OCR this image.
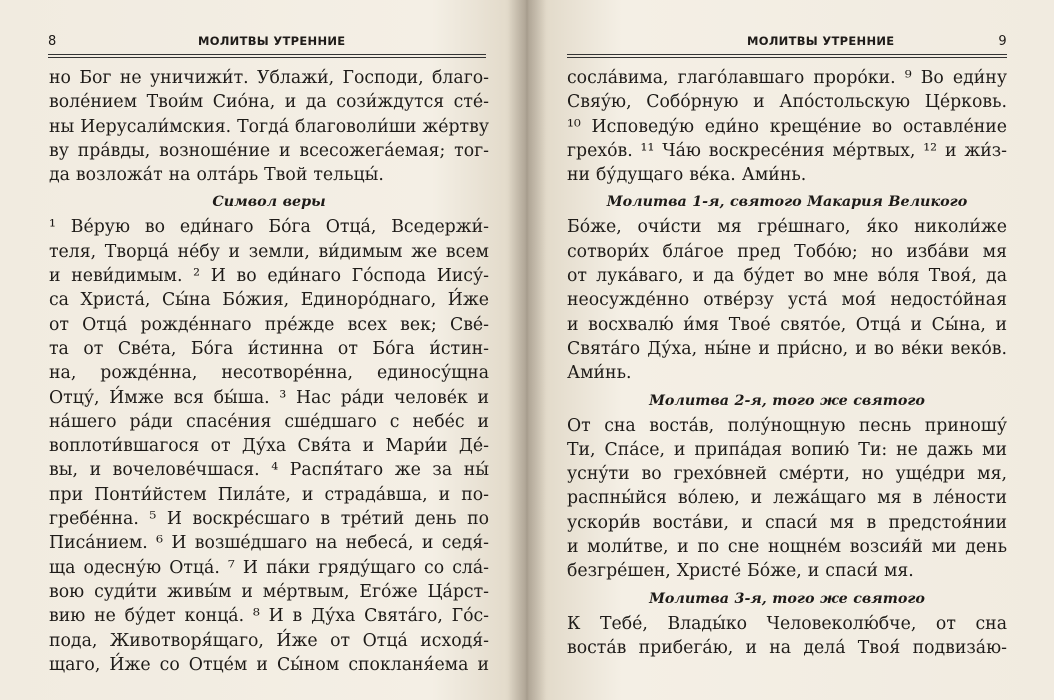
8	МОЛИТВЫ УТРЕННИЕ
но Бог не уничижи́т. Ублажи́, Господи, благо-
воле́нием Твои́м Сио́на, и да сози́ждутся сте́-
ны Иерусали́мския. Тогда́ благоволи́ши же́ртву
ву пра́вды, возноше́ние и всесожега́емая; тог-
да возложа́т на олта́рь Твой тельцы́.
Символ веры
¹ Ве́рую во еди́наго Бо́га Отца́, Вседержи́-
теля, Творца́ не́бу и земли, ви́димым же всем
и неви́димым. ² И во еди́наго Го́спода Иису́-
са Христа́, Сы́на Бо́жия, Единоро́днаго, И́же
от Отца́ рожде́ннаго пре́жде всех век; Све́-
та от Све́та, Бо́га и́стинна от Бо́га и́стин-
на, рожде́нна, несотворе́нна, единосу́щна
Отцу́, И́мже вся бы́ша. ³ Нас ра́ди челове́к и
на́шего ра́ди спасе́ния сше́дшаго с небе́с и
воплоти́вшагося от Ду́ха Свя́та и Мари́и Де́-
вы, и вочелове́чшася. ⁴ Распя́таго же за ны́
при Понти́йстем Пила́те, и страда́вша, и по-
гребе́нна. ⁵ И воскре́сшаго в тре́тий день по
Писа́нием. ⁶ И возше́дшаго на небеса́, и седя́-
ща одесну́ю Отца́. ⁷ И па́ки гряду́щаго со сла́-
вою суди́ти живы́м и ме́ртвым, Его́же Ца́рст-
вию не бу́дет конца́. ⁸ И в Ду́ха Свята́го, Го́с-
пода, Животворя́щаго, И́же от Отца́ исходя́-
щаго, И́же со Отце́м и Сы́ном спокланя́ема и
МОЛИТВЫ УТРЕННИЕ	9
сосла́вима, глаго́лавшаго проро́ки. ⁹ Во еди́ну
Свяу́ю, Собо́рную и Апо́стольскую Це́рковь.
¹⁰ Исповеду́ю еди́но креще́ние во оставле́ние
грехо́в. ¹¹ Ча́ю воскресе́ния ме́ртвых, ¹² и жи́з-
ни бу́дущаго ве́ка. Ами́нь.
Молитва 1-я, святого Макария Великого
Бо́же, очи́сти мя гре́шнаго, я́ко николи́же
сотвори́х бла́гое пред Тобо́ю; но изба́ви мя
от лука́ваго, и да бу́дет во мне во́ля Твоя́, да
неосужде́нно отве́рзу уста́ моя́ недосто́йная
и восхвалю́ и́мя Твое́ свято́е, Отца́ и Сы́на, и
Свята́го Ду́ха, ны́не и при́сно, и во ве́ки веко́в.
Ами́нь.
Молитва 2-я, того же святого
От сна воста́в, полу́нощную песнь приношу́
Ти, Спа́се, и припа́дая вопию́ Ти: не дажь ми
усну́ти во грехо́вней сме́рти, но уще́дри мя,
распны́йся во́лею, и лежа́щаго мя в ле́ности
ускори́в воста́ви, и спаси́ мя в предстоя́нии
и моли́тве, и по сне нощне́м возсия́й ми день
безгре́шен, Христе́ Бо́же, и спаси́ мя.
Молитва 3-я, того же святого
К Тебе́, Влады́ко Человеколю́бче, от сна
воста́в прибега́ю, и на дела́ Твоя́ подвиза́ю-
